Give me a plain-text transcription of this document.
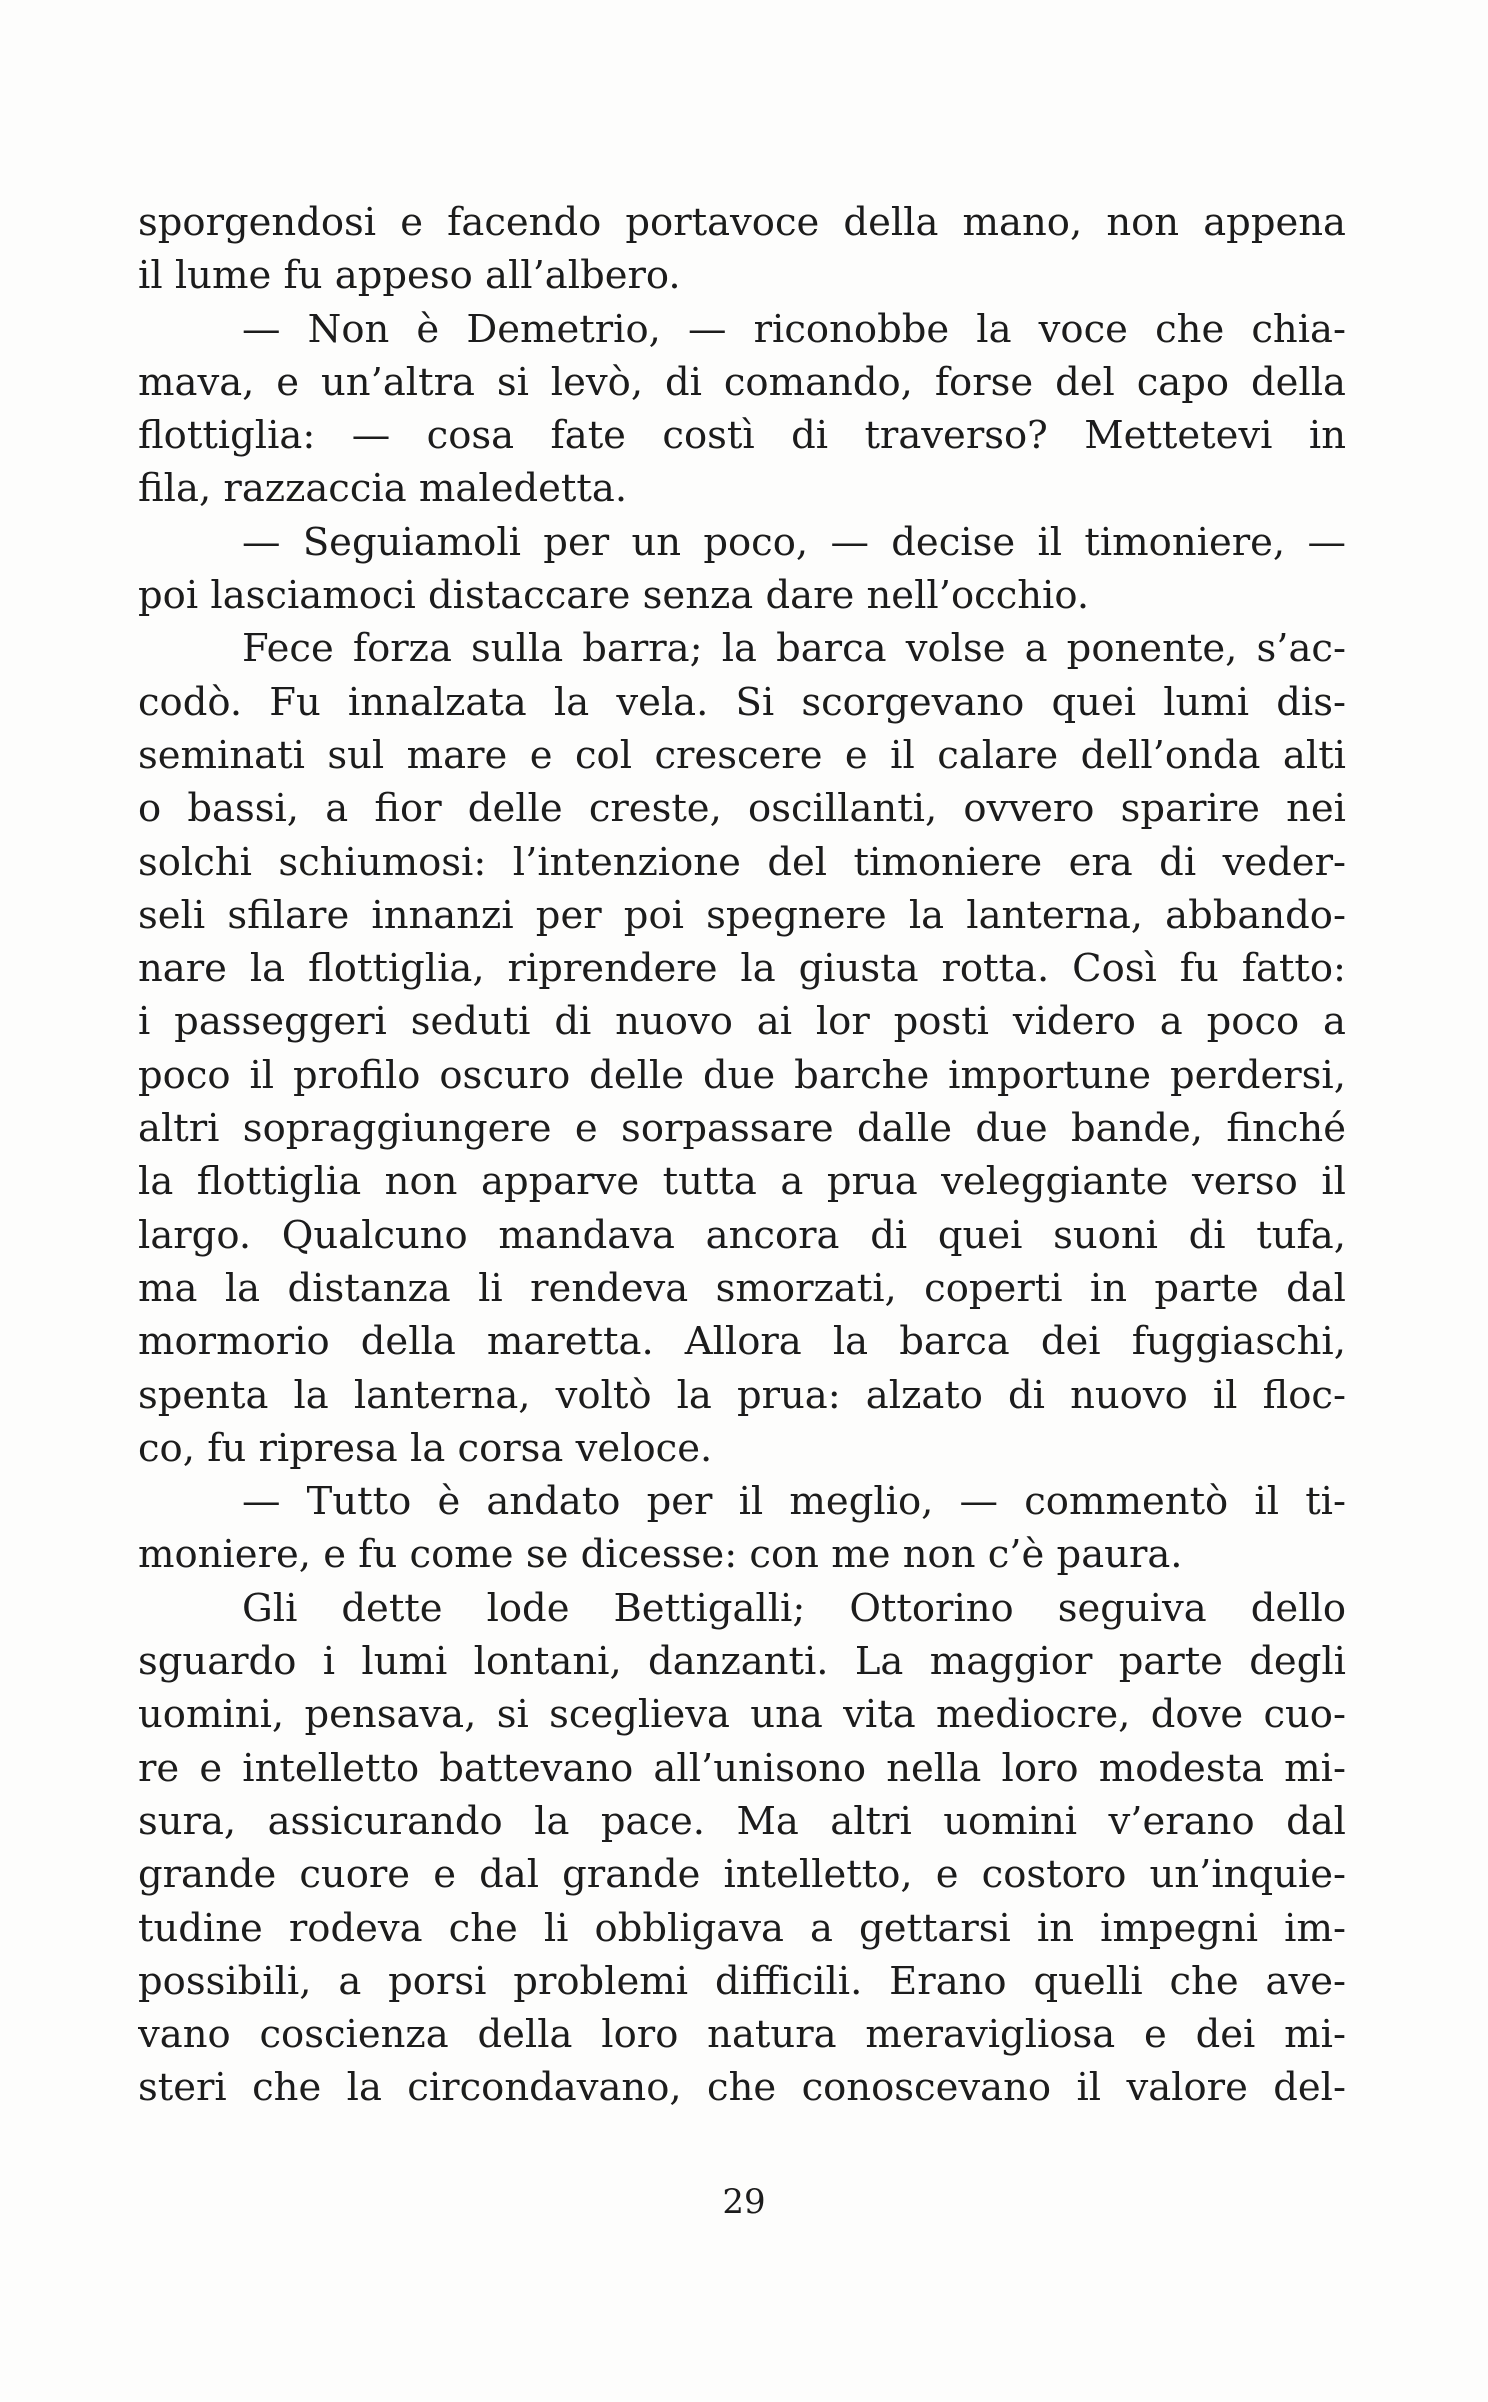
sporgendosi e facendo portavoce della mano, non appena
il lume fu appeso all’albero.
— Non è Demetrio, — riconobbe la voce che chia-
mava, e un’altra si levò, di comando, forse del capo della
flottiglia: — cosa fate costì di traverso? Mettetevi in
fila, razzaccia maledetta.
— Seguiamoli per un poco, — decise il timoniere, —
poi lasciamoci distaccare senza dare nell’occhio.
Fece forza sulla barra; la barca volse a ponente, s’ac-
codò. Fu innalzata la vela. Si scorgevano quei lumi dis-
seminati sul mare e col crescere e il calare dell’onda alti
o bassi, a fior delle creste, oscillanti, ovvero sparire nei
solchi schiumosi: l’intenzione del timoniere era di veder-
seli sfilare innanzi per poi spegnere la lanterna, abbando-
nare la flottiglia, riprendere la giusta rotta. Così fu fatto:
i passeggeri seduti di nuovo ai lor posti videro a poco a
poco il profilo oscuro delle due barche importune perdersi,
altri sopraggiungere e sorpassare dalle due bande, finché
la flottiglia non apparve tutta a prua veleggiante verso il
largo. Qualcuno mandava ancora di quei suoni di tufa,
ma la distanza li rendeva smorzati, coperti in parte dal
mormorio della maretta. Allora la barca dei fuggiaschi,
spenta la lanterna, voltò la prua: alzato di nuovo il floc-
co, fu ripresa la corsa veloce.
— Tutto è andato per il meglio, — commentò il ti-
moniere, e fu come se dicesse: con me non c’è paura.
Gli dette lode Bettigalli; Ottorino seguiva dello
sguardo i lumi lontani, danzanti. La maggior parte degli
uomini, pensava, si sceglieva una vita mediocre, dove cuo-
re e intelletto battevano all’unisono nella loro modesta mi-
sura, assicurando la pace. Ma altri uomini v’erano dal
grande cuore e dal grande intelletto, e costoro un’inquie-
tudine rodeva che li obbligava a gettarsi in impegni im-
possibili, a porsi problemi difficili. Erano quelli che ave-
vano coscienza della loro natura meravigliosa e dei mi-
steri che la circondavano, che conoscevano il valore del-
29
